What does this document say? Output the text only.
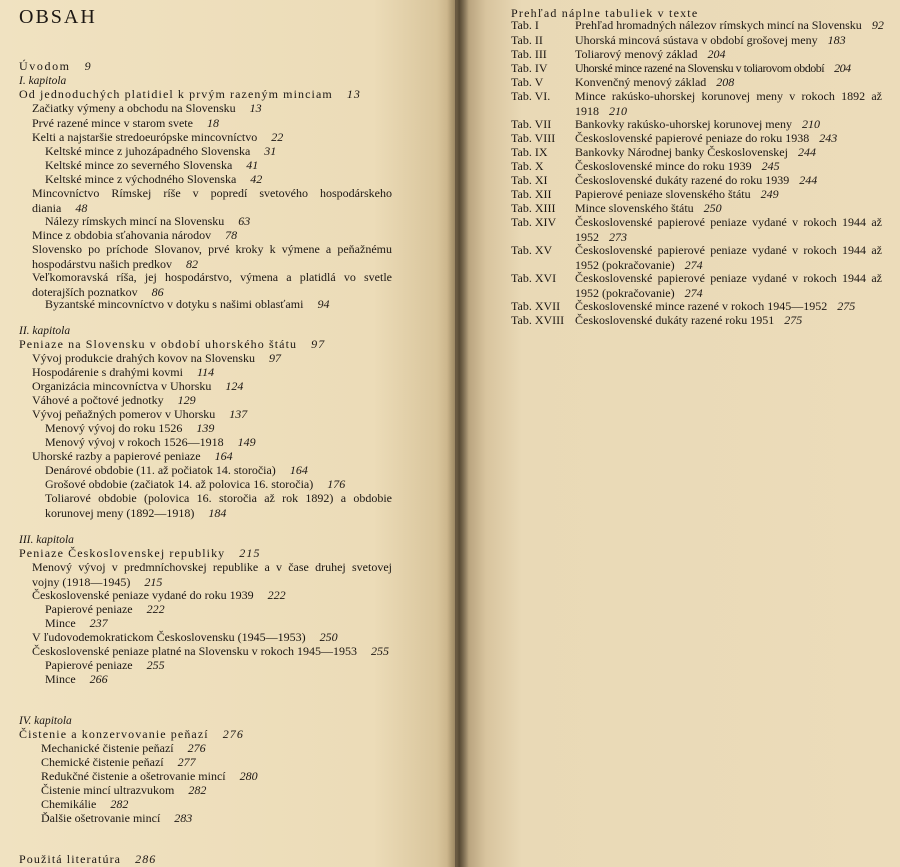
OBSAH
Úvodom 9
I. kapitola
Od jednoduchých platidiel k prvým razeným minciam 13
Začiatky výmeny a obchodu na Slovensku 13
Prvé razené mince v starom svete 18
Kelti a najstaršie stredoeurópske mincovníctvo 22
Keltské mince z juhozápadného Slovenska 31
Keltské mince zo severného Slovenska 41
Keltské mince z východného Slovenska 42
Mincovníctvo Rímskej ríše v popredí svetového hospodárskeho diania 48
Nálezy rímskych mincí na Slovensku 63
Mince z obdobia sťahovania národov 78
Slovensko po príchode Slovanov, prvé kroky k výmene a peňažnému hospodárstvu našich predkov 82
Veľkomoravská ríša, jej hospodárstvo, výmena a platidlá vo svetle doterajších poznatkov 86
Byzantské mincovníctvo v dotyku s našimi oblasťami 94
II. kapitola
Peniaze na Slovensku v období uhorského štátu 97
Vývoj produkcie drahých kovov na Slovensku 97
Hospodárenie s drahými kovmi 114
Organizácia mincovníctva v Uhorsku 124
Váhové a počtové jednotky 129
Vývoj peňažných pomerov v Uhorsku 137
Menový vývoj do roku 1526 139
Menový vývoj v rokoch 1526—1918 149
Uhorské razby a papierové peniaze 164
Denárové obdobie (11. až počiatok 14. storočia) 164
Grošové obdobie (začiatok 14. až polovica 16. storočia) 176
Toliarové obdobie (polovica 16. storočia až rok 1892) a obdobie korunovej meny (1892—1918) 184
III. kapitola
Peniaze Československej republiky 215
Menový vývoj v predmníchovskej republike a v čase druhej svetovej vojny (1918—1945) 215
Československé peniaze vydané do roku 1939 222
Papierové peniaze 222
Mince 237
V ľudovodemokratickom Československu (1945—1953) 250
Československé peniaze platné na Slovensku v rokoch 1945—1953 255
Papierové peniaze 255
Mince 266
IV. kapitola
Čistenie a konzervovanie peňazí 276
Mechanické čistenie peňazí 276
Chemické čistenie peňazí 277
Redukčné čistenie a ošetrovanie mincí 280
Čistenie mincí ultrazvukom 282
Chemikálie 282
Ďalšie ošetrovanie mincí 283
Použitá literatúra 286
Prehľad náplne tabuliek v texte
Tab. I	Prehľad hromadných nálezov rímskych mincí na Slovensku 92
Tab. II	Uhorská mincová sústava v období grošovej meny 183
Tab. III Toliarový menový základ 204
Tab. IV Uhorské mince razené na Slovensku v toliarovom období 204
Tab. V	Konvenčný menový základ 208
Tab. VI. Mince rakúsko-uhorskej korunovej meny v rokoch 1892 až 1918 210
Tab. VII Bankovky rakúsko-uhorskej korunovej meny 210
Tab. VIII Československé papierové peniaze do roku 1938 243
Tab. IX Bankovky Národnej banky Československej 244
Tab. X	Československé mince do roku 1939 245
Tab. XI Československé dukáty razené do roku 1939 244
Tab. XII Papierové peniaze slovenského štátu 249
Tab. XIII Mince slovenského štátu 250
Tab. XIV Československé papierové peniaze vydané v rokoch 1944 až 1952 273
Tab. XV Československé papierové peniaze vydané v rokoch 1944 až 1952 (pokračovanie) 274
Tab. XVI Československé papierové peniaze vydané v rokoch 1944 až 1952 (pokračovanie) 274
Tab. XVII Československé mince razené v rokoch 1945—1952 275
Tab. XVIII Československé dukáty razené roku 1951 275
